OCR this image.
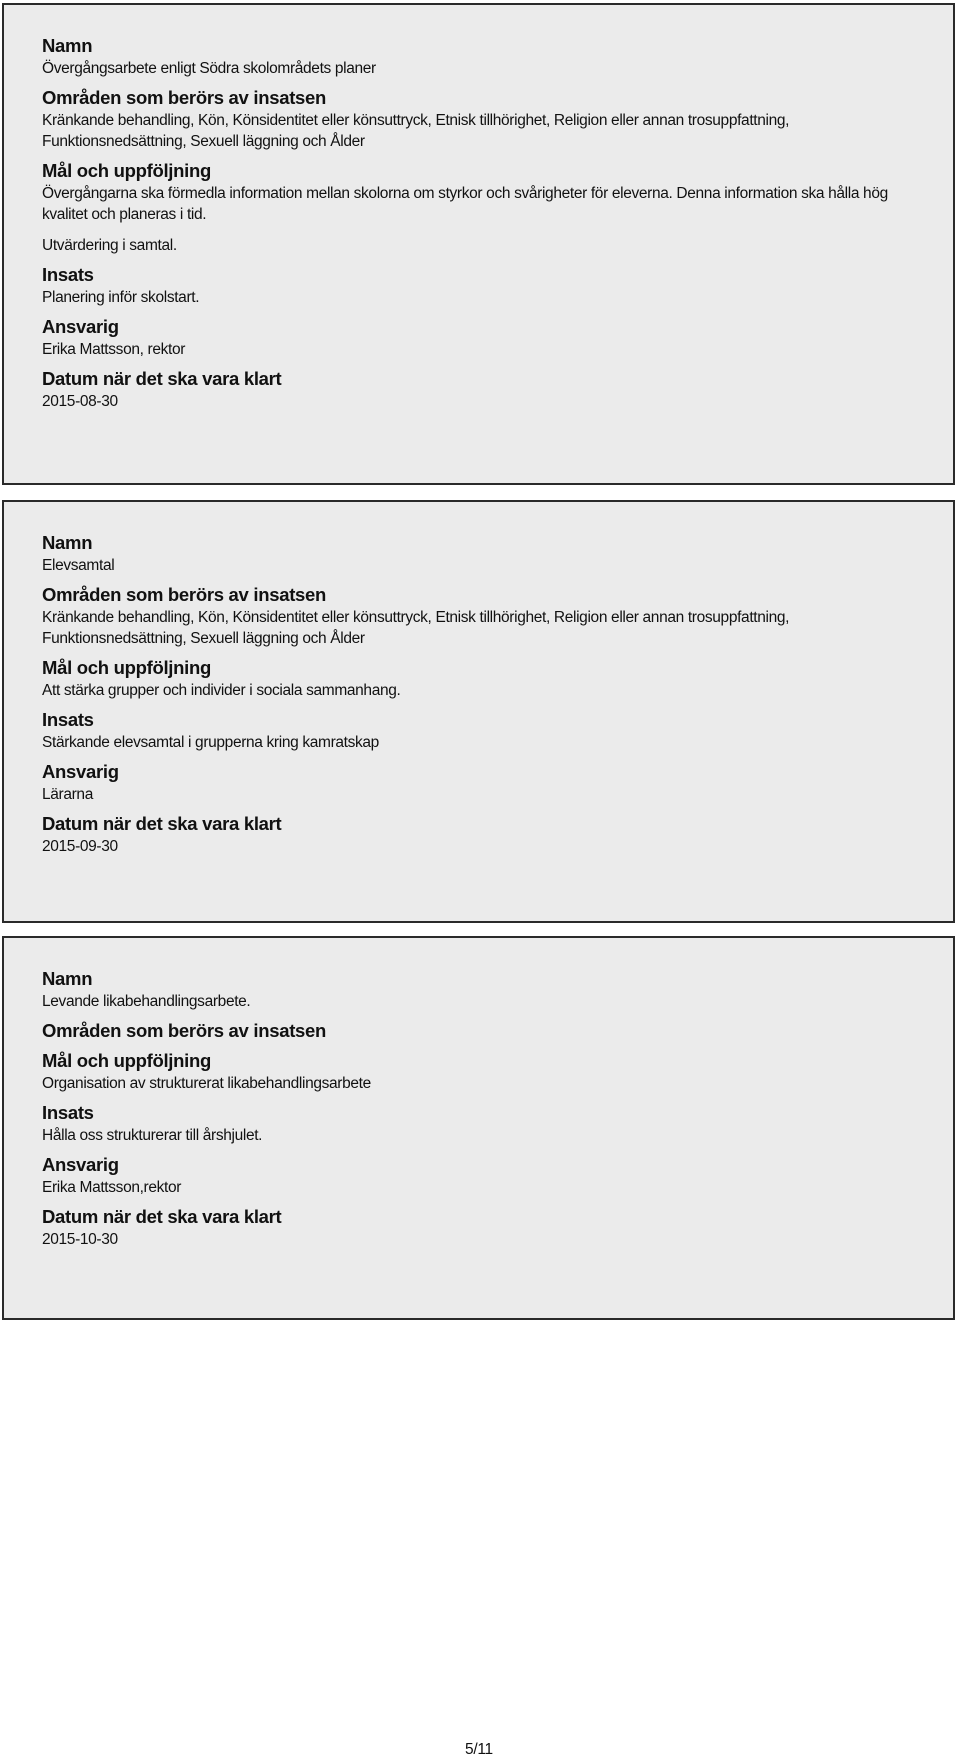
Namn

Övergångsarbete enligt Södra skolområdets planer

Områden som berörs av insatsen

Kränkande behandling, Kön, Könsidentitet eller könsuttryck, Etnisk tillhörighet, Religion eller annan trosuppfattning, Funktionsnedsättning, Sexuell läggning och Ålder

Mål och uppföljning

Övergångarna ska förmedla information mellan skolorna om styrkor och svårigheter för eleverna. Denna information ska hålla hög kvalitet och planeras i tid.

Utvärdering i samtal.

Insats

Planering inför skolstart.

Ansvarig

Erika Mattsson, rektor

Datum när det ska vara klart

2015-08-30

Namn

Elevsamtal

Områden som berörs av insatsen

Kränkande behandling, Kön, Könsidentitet eller könsuttryck, Etnisk tillhörighet, Religion eller annan trosuppfattning, Funktionsnedsättning, Sexuell läggning och Ålder

Mål och uppföljning

Att stärka grupper och individer i sociala sammanhang.

Insats

Stärkande elevsamtal i grupperna kring kamratskap

Ansvarig

Lärarna

Datum när det ska vara klart

2015-09-30

Namn

Levande likabehandlingsarbete.

Områden som berörs av insatsen

Mål och uppföljning

Organisation av strukturerat likabehandlingsarbete

Insats

Hålla oss strukturerar till årshjulet.

Ansvarig

Erika Mattsson,rektor

Datum när det ska vara klart

2015-10-30

5/11
